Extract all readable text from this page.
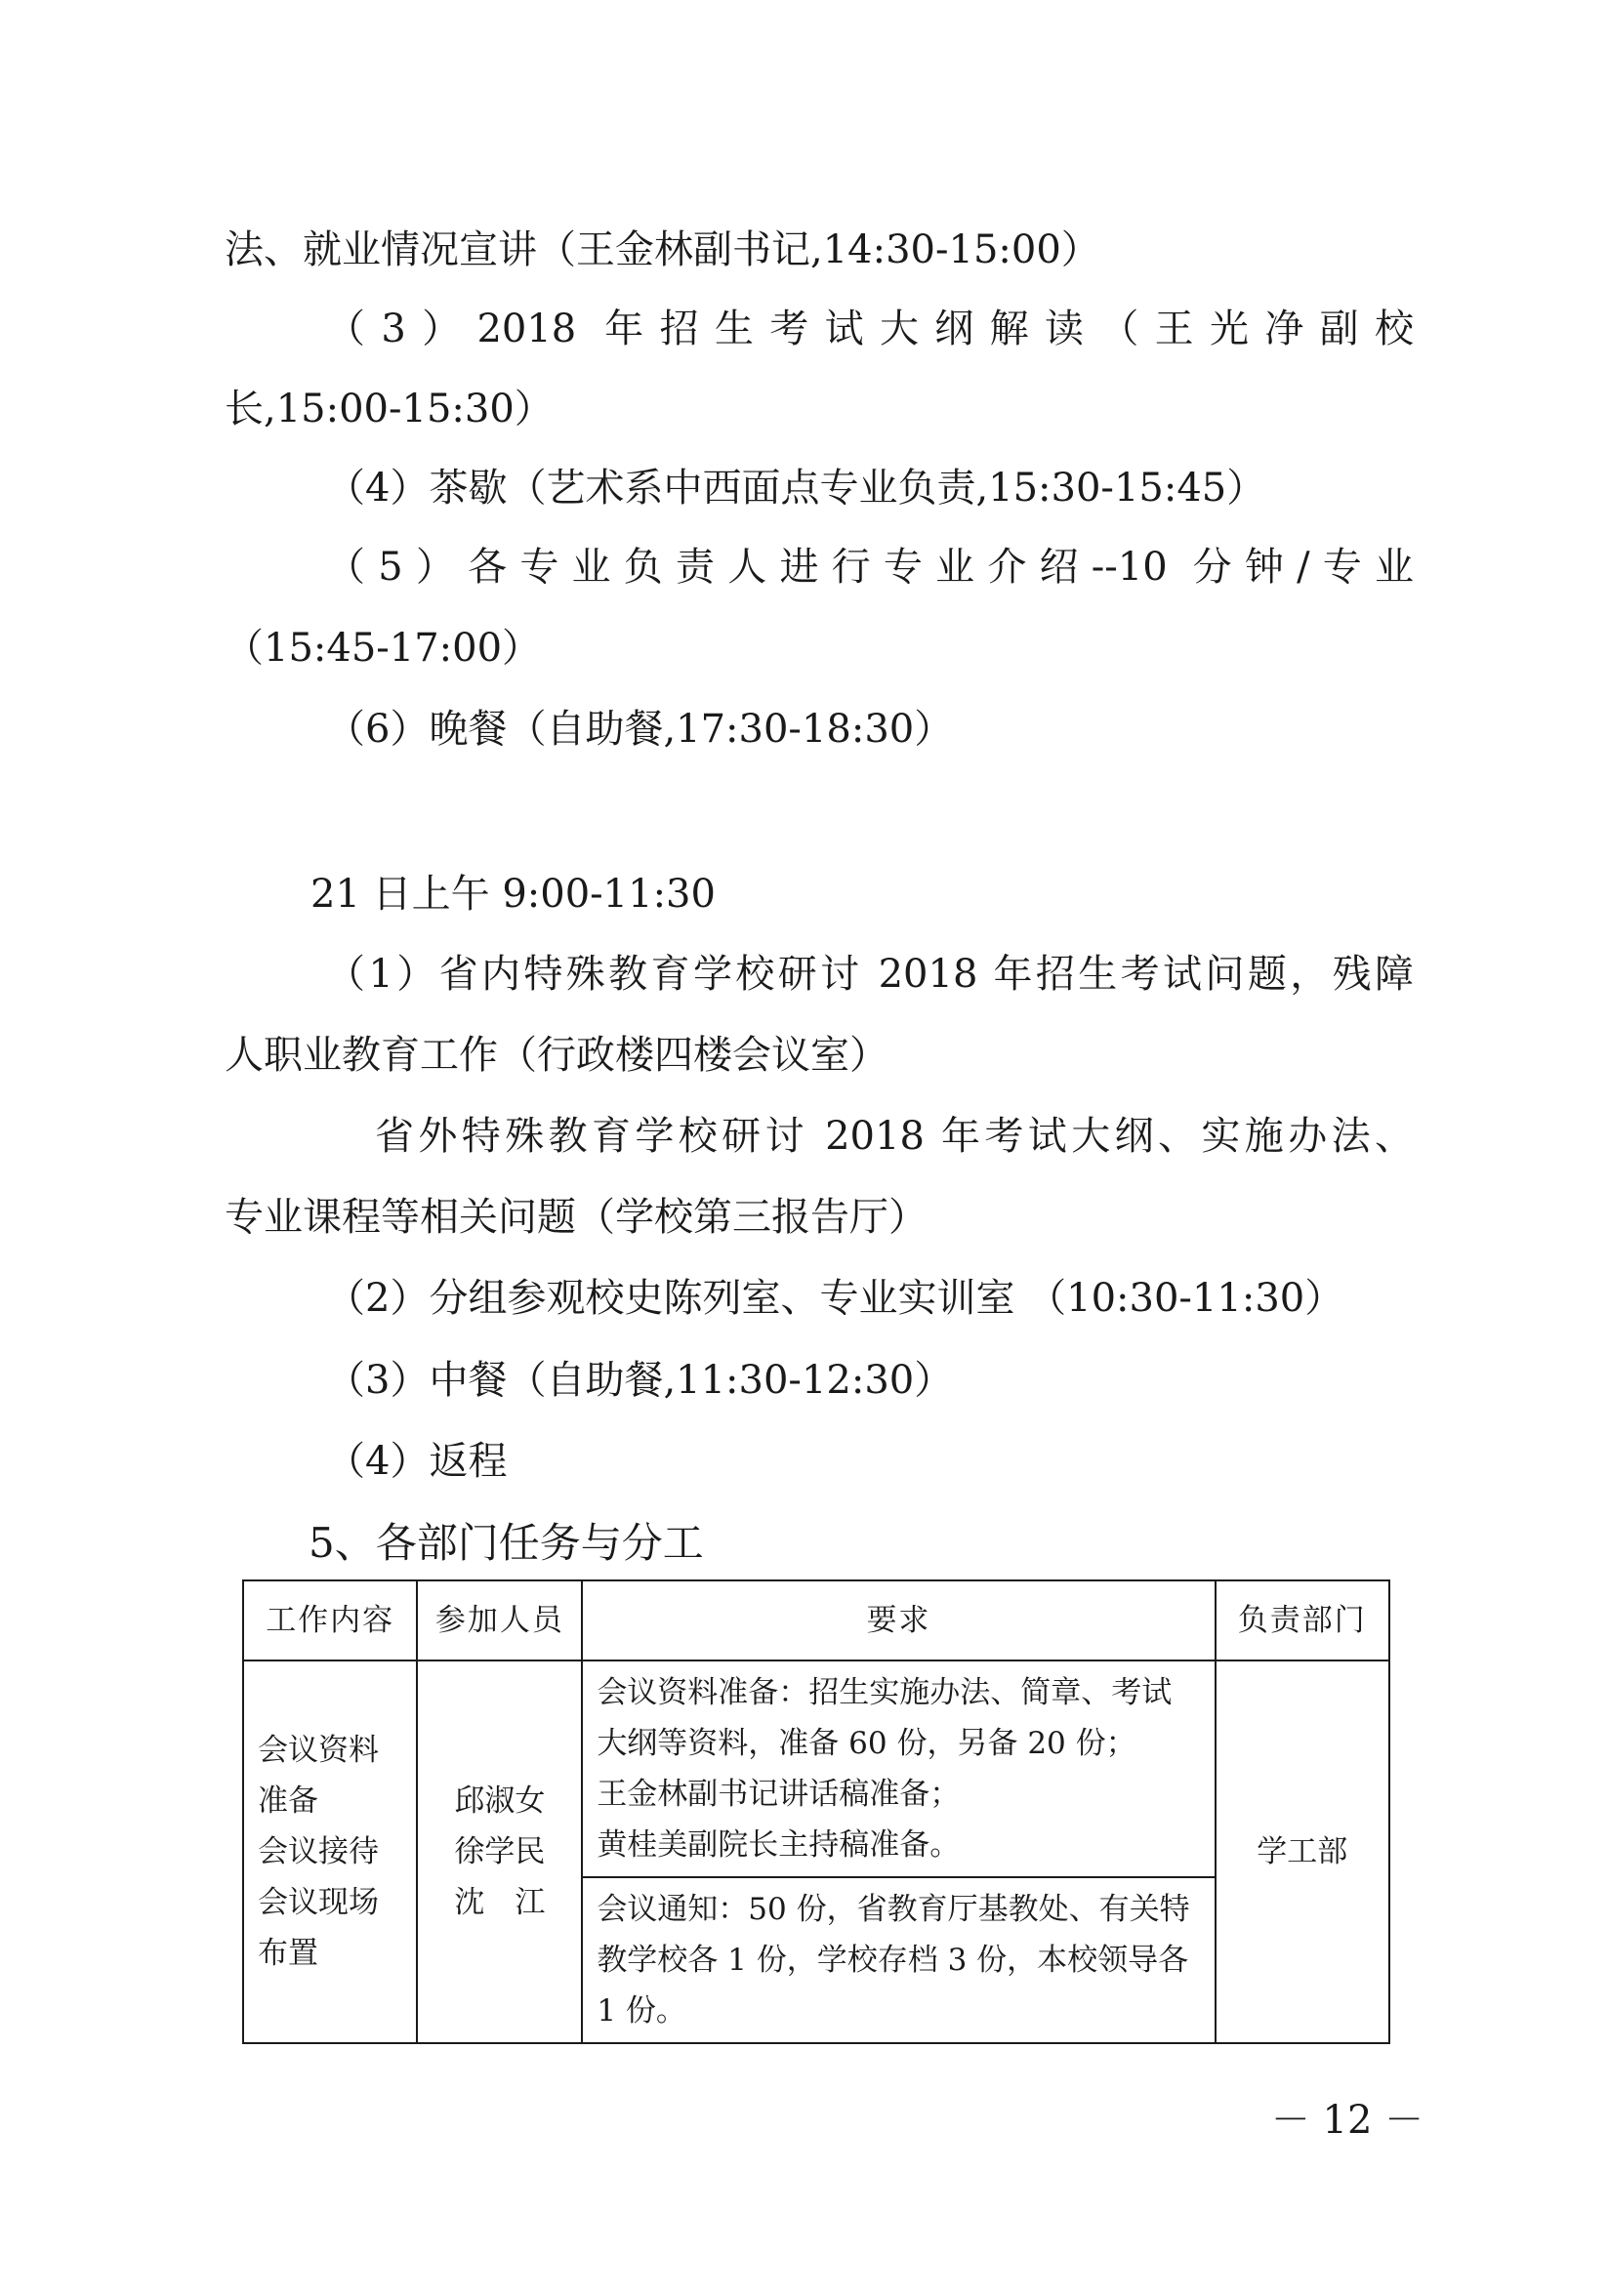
法、就业情况宣讲（王金林副书记,14:30-15:00）
（3）2018 年招生考试大纲解读（王光净副校
长,15:00-15:30）
（4）茶歇（艺术系中西面点专业负责,15:30-15:45）
（5）各专业负责人进行专业介绍--10 分钟/专业
（15:45-17:00）
（6）晚餐（自助餐,17:30-18:30）
21 日上午 9:00-11:30
（1）省内特殊教育学校研讨 2018 年招生考试问题，残障
人职业教育工作（行政楼四楼会议室）
省外特殊教育学校研讨 2018 年考试大纲、实施办法、
专业课程等相关问题（学校第三报告厅）
（2）分组参观校史陈列室、专业实训室 （10:30-11:30）
（3）中餐（自助餐,11:30-12:30）
（4）返程
5、各部门任务与分工
工作内容	参加人员	要求	负责部门

会议资料
准备
会议接待
会议现场
布置	邱淑女
徐学民
沈　江	会议资料准备：招生实施办法、简章、考试大纲等资料，准备 60 份，另备 20 份；
王金林副书记讲话稿准备；
黄桂美副院长主持稿准备。	学工部

		会议通知：50 份，省教育厅基教处、有关特教学校各 1 份，学校存档 3 份，本校领导各 1 份。	
－ 12 －
